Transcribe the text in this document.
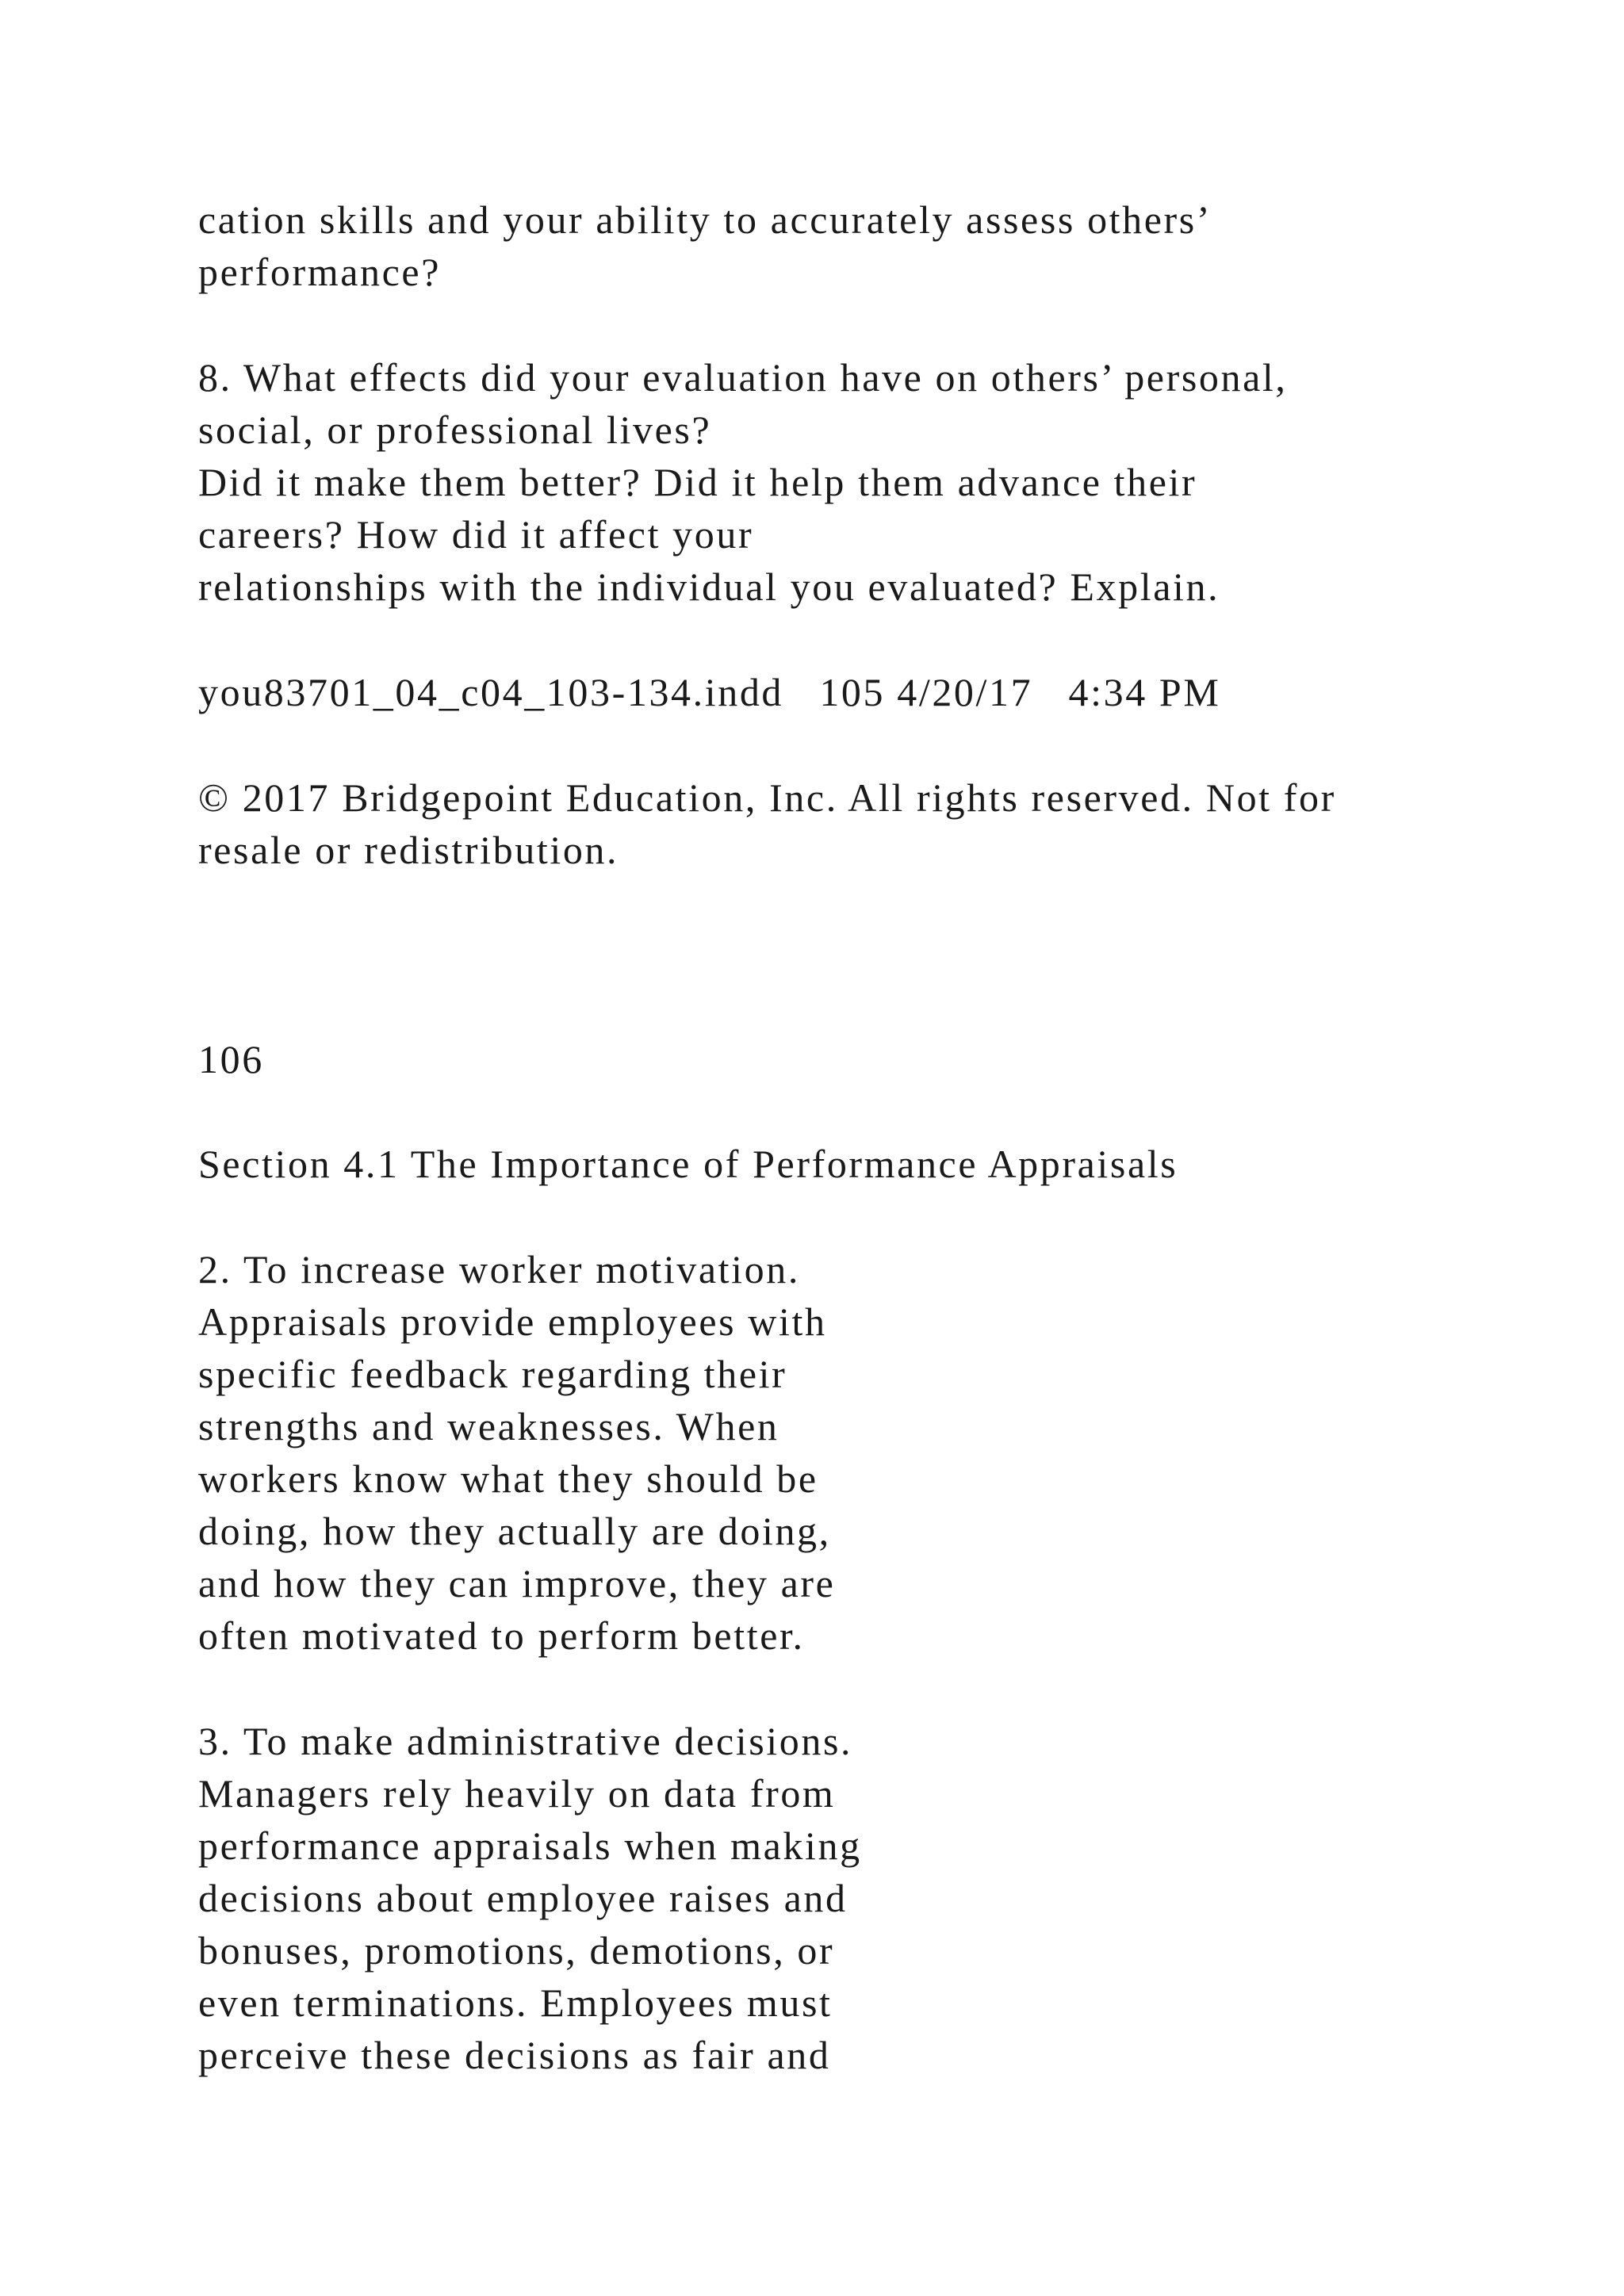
cation skills and your ability to accurately assess others’
performance?
8. What effects did your evaluation have on others’ personal,
social, or professional lives?
Did it make them better? Did it help them advance their
careers? How did it affect your
relationships with the individual you evaluated? Explain.
you83701_04_c04_103-134.indd   105 4/20/17   4:34 PM
© 2017 Bridgepoint Education, Inc. All rights reserved. Not for
resale or redistribution.
106
Section 4.1 The Importance of Performance Appraisals
2. To increase worker motivation.
Appraisals provide employees with
specific feedback regarding their
strengths and weaknesses. When
workers know what they should be
doing, how they actually are doing,
and how they can improve, they are
often motivated to perform better.
3. To make administrative decisions.
Managers rely heavily on data from
performance appraisals when making
decisions about employee raises and
bonuses, promotions, demotions, or
even terminations. Employees must
perceive these decisions as fair and
